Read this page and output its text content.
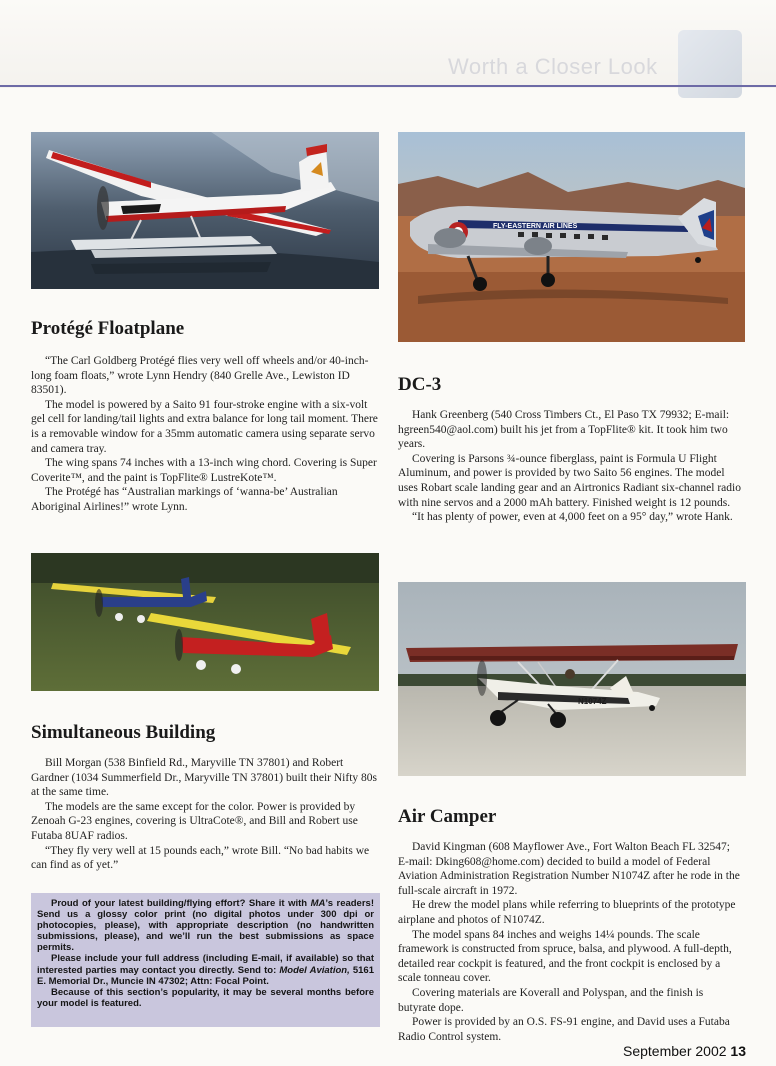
Worth a Closer Look
FLY-EASTERN AIR LINES
Protégé Floatplane

“The Carl Goldberg Protégé flies very well off wheels and/or 40-inch-long foam floats,” wrote Lynn Hendry (840 Grelle Ave., Lewiston ID 83501).

The model is powered by a Saito 91 four-stroke engine with a six-volt gel cell for landing/tail lights and extra balance for long tail moment. There is a removable window for a 35mm automatic camera using separate servo and camera tray.

The wing spans 74 inches with a 13-inch wing chord. Covering is Super Coverite™, and the paint is TopFlite® LustreKote™.

The Protégé has “Australian markings of ‘wanna-be’ Australian Aboriginal Airlines!” wrote Lynn.

DC-3

Hank Greenberg (540 Cross Timbers Ct., El Paso TX 79932; E-mail: hgreen540@aol.com) built his jet from a TopFlite® kit. It took him two years.

Covering is Parsons ¾-ounce fiberglass, paint is Formula U Flight Aluminum, and power is provided by two Saito 56 engines. The model uses Robart scale landing gear and an Airtronics Radiant six-channel radio with nine servos and a 2000 mAh battery. Finished weight is 12 pounds.

“It has plenty of power, even at 4,000 feet on a 95° day,” wrote Hank.

N1074Z
Simultaneous Building

Bill Morgan (538 Binfield Rd., Maryville TN 37801) and Robert Gardner (1034 Summerfield Dr., Maryville TN 37801) built their Nifty 80s at the same time.

The models are the same except for the color. Power is provided by Zenoah G-23 engines, covering is UltraCote®, and Bill and Robert use Futaba 8UAF radios.

“They fly very well at 15 pounds each,” wrote Bill. “No bad habits we can find as of yet.”

Air Camper

David Kingman (608 Mayflower Ave., Fort Walton Beach FL 32547; E-mail: Dking608@home.com) decided to build a model of Federal Aviation Administration Registration Number N1074Z after he rode in the full-scale aircraft in 1972.

He drew the model plans while referring to blueprints of the prototype airplane and photos of N1074Z.

The model spans 84 inches and weighs 14¼ pounds. The scale framework is constructed from spruce, balsa, and plywood. A full-depth, detailed rear cockpit is featured, and the front cockpit is enclosed by a scale tonneau cover.

Covering materials are Koverall and Polyspan, and the finish is butyrate dope.

Power is provided by an O.S. FS-91 engine, and David uses a Futaba Radio Control system.

Proud of your latest building/flying effort? Share it with MA’s readers! Send us a glossy color print (no digital photos under 300 dpi or photocopies, please), with appropriate description (no handwritten submissions, please), and we’ll run the best submissions as space permits.

Please include your full address (including E-mail, if available) so that interested parties may contact you directly. Send to: Model Aviation, 5161 E. Memorial Dr., Muncie IN 47302; Attn: Focal Point.

Because of this section’s popularity, it may be several months before your model is featured.

September 2002 13
